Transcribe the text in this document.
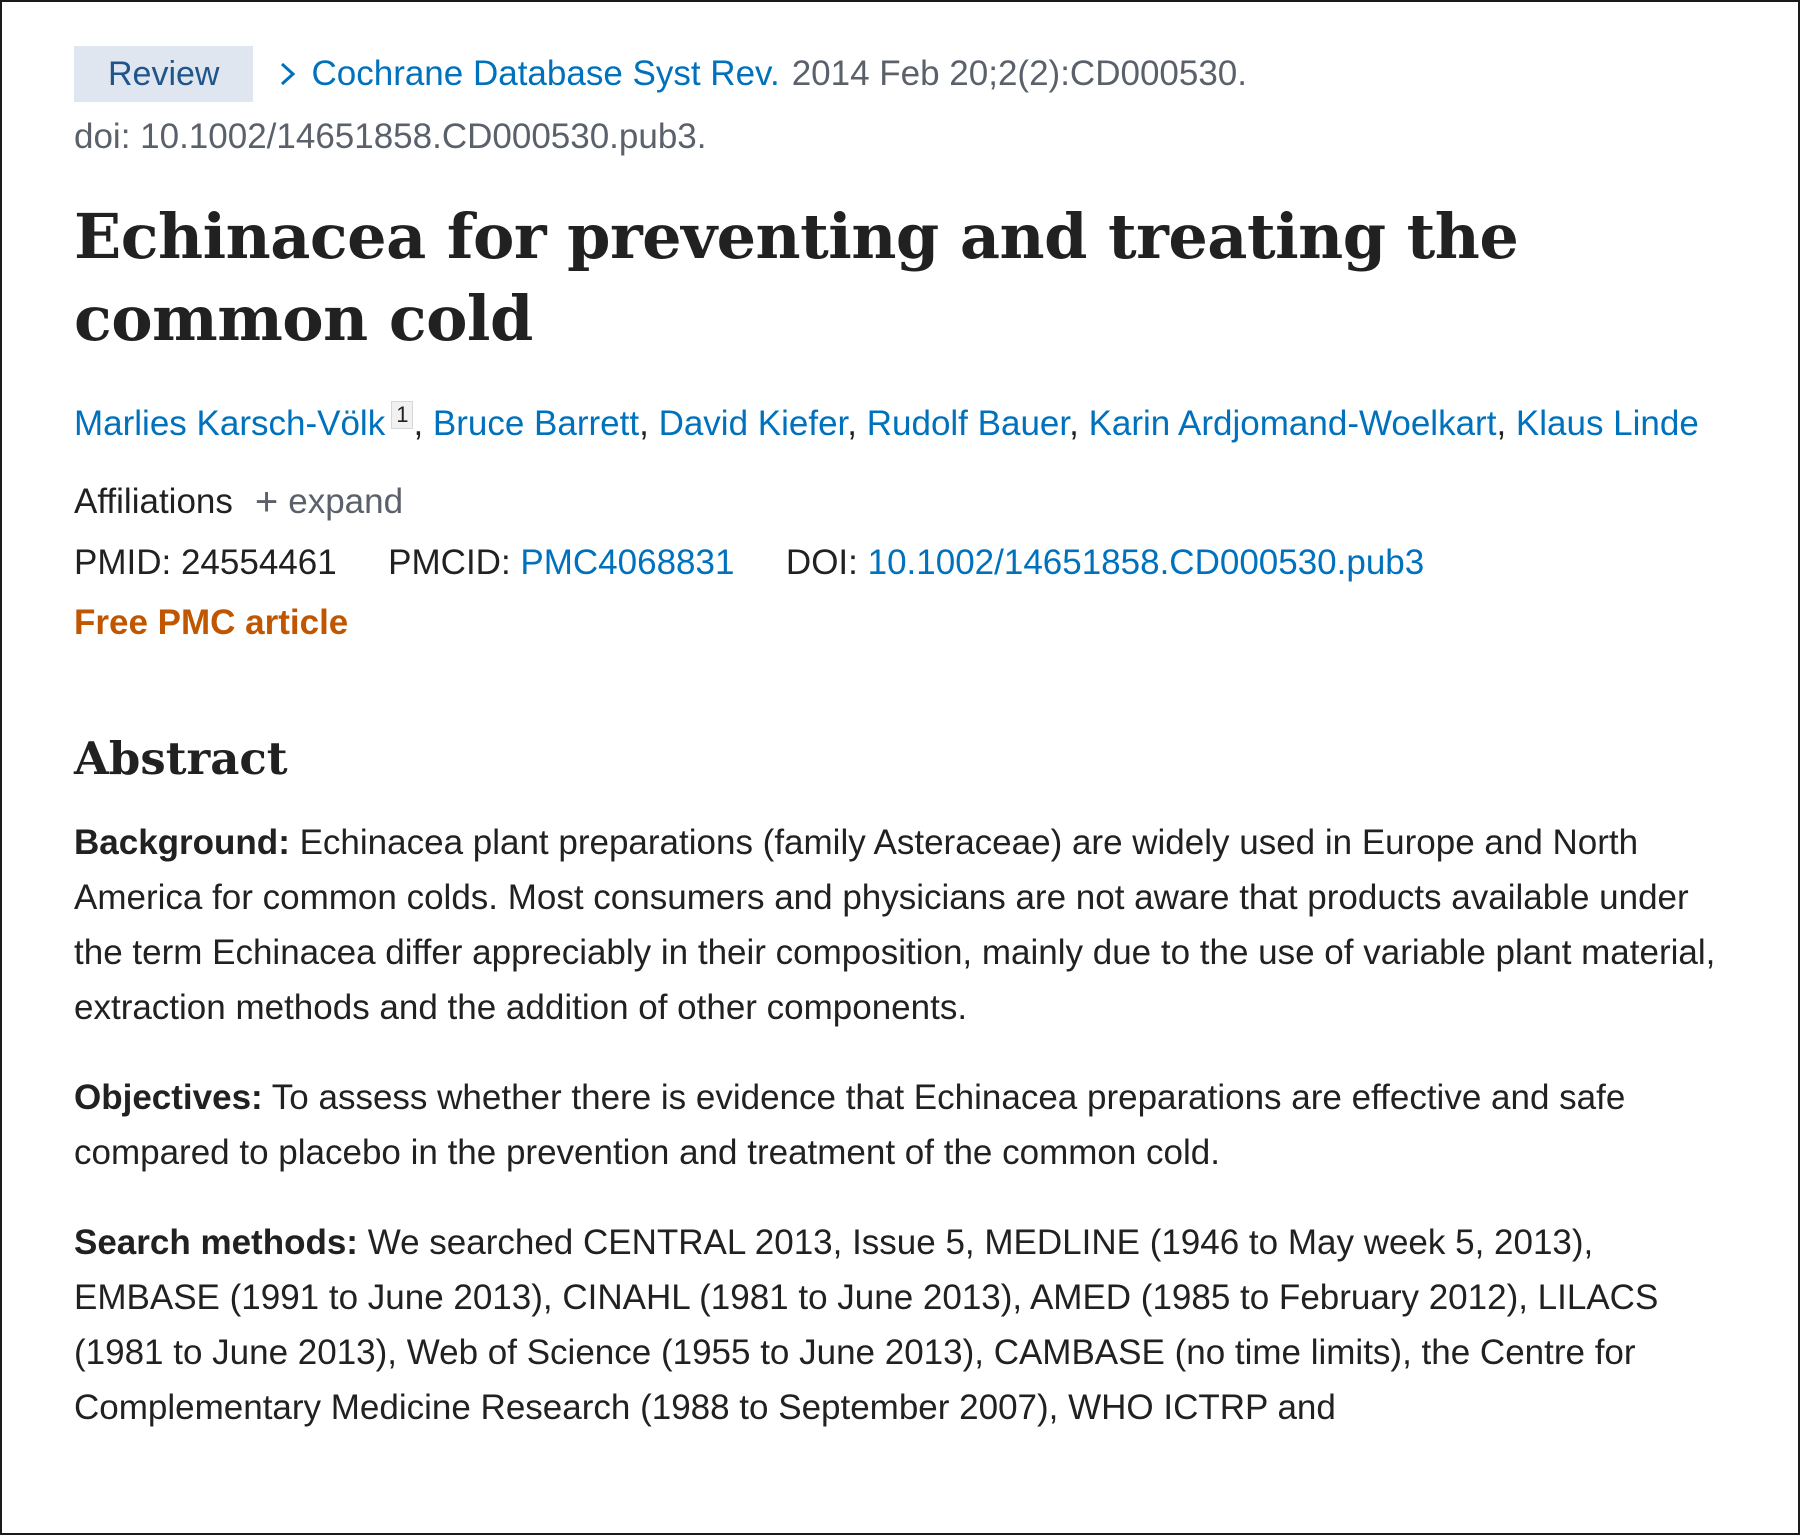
Review	Cochrane Database Syst Rev. 2014 Feb 20;2(2):CD000530.
doi: 10.1002/14651858.CD000530.pub3.
Echinacea for preventing and treating the common cold
Marlies Karsch-Völk 1 , Bruce Barrett, David Kiefer, Rudolf Bauer, Karin Ardjomand-Woelkart, Klaus Linde
Affiliations + expand
PMID: 24554461 PMCID: PMC4068831 DOI: 10.1002/14651858.CD000530.pub3
Free PMC article
Abstract

Background: Echinacea plant preparations (family Asteraceae) are widely used in Europe and North America for common colds. Most consumers and physicians are not aware that products available under the term Echinacea differ appreciably in their composition, mainly due to the use of variable plant material, extraction methods and the addition of other components.

Objectives: To assess whether there is evidence that Echinacea preparations are effective and safe compared to placebo in the prevention and treatment of the common cold.

Search methods: We searched CENTRAL 2013, Issue 5, MEDLINE (1946 to May week 5, 2013), EMBASE (1991 to June 2013), CINAHL (1981 to June 2013), AMED (1985 to February 2012), LILACS (1981 to June 2013), Web of Science (1955 to June 2013), CAMBASE (no time limits), the Centre for Complementary Medicine Research (1988 to September 2007), WHO ICTRP and
